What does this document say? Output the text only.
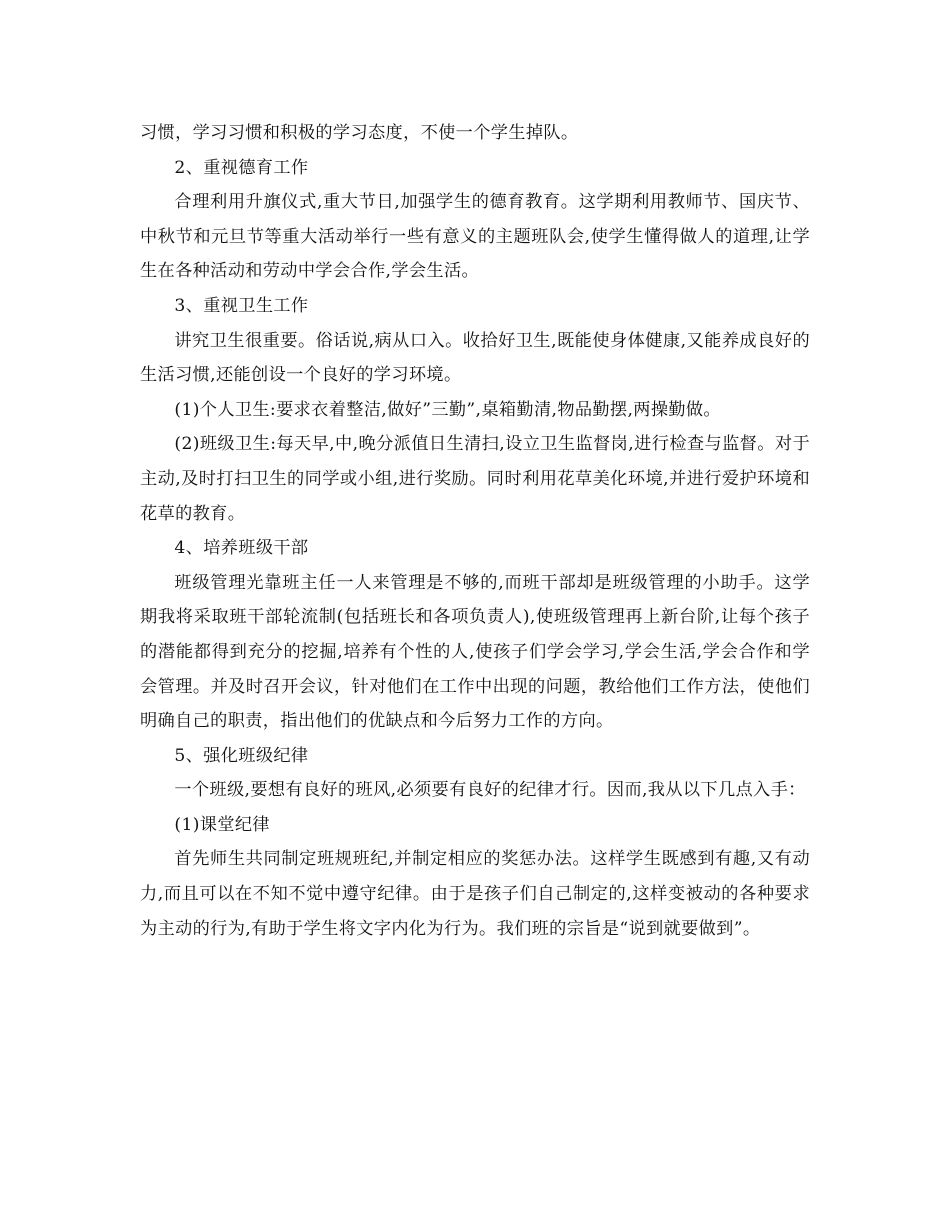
习惯，学习习惯和积极的学习态度，不使一个学生掉队。

2、重视德育工作

合理利用升旗仪式,重大节日,加强学生的德育教育。这学期利用教师节、国庆节、中秋节和元旦节等重大活动举行一些有意义的主题班队会,使学生懂得做人的道理,让学生在各种活动和劳动中学会合作,学会生活。

3、重视卫生工作

讲究卫生很重要。俗话说,病从口入。收拾好卫生,既能使身体健康,又能养成良好的生活习惯,还能创设一个良好的学习环境。

(1)个人卫生:要求衣着整洁,做好”三勤”,桌箱勤清,物品勤摆,两操勤做。

(2)班级卫生:每天早,中,晚分派值日生清扫,设立卫生监督岗,进行检查与监督。对于主动,及时打扫卫生的同学或小组,进行奖励。同时利用花草美化环境,并进行爱护环境和花草的教育。

4、培养班级干部

班级管理光靠班主任一人来管理是不够的,而班干部却是班级管理的小助手。这学期我将采取班干部轮流制(包括班长和各项负责人),使班级管理再上新台阶,让每个孩子的潜能都得到充分的挖掘,培养有个性的人,使孩子们学会学习,学会生活,学会合作和学会管理。并及时召开会议，针对他们在工作中出现的问题，教给他们工作方法，使他们明确自己的职责，指出他们的优缺点和今后努力工作的方向。

5、强化班级纪律

一个班级,要想有良好的班风,必须要有良好的纪律才行。因而,我从以下几点入手：

(1)课堂纪律

首先师生共同制定班规班纪,并制定相应的奖惩办法。这样学生既感到有趣,又有动力,而且可以在不知不觉中遵守纪律。由于是孩子们自己制定的,这样变被动的各种要求为主动的行为,有助于学生将文字内化为行为。我们班的宗旨是“说到就要做到”。
